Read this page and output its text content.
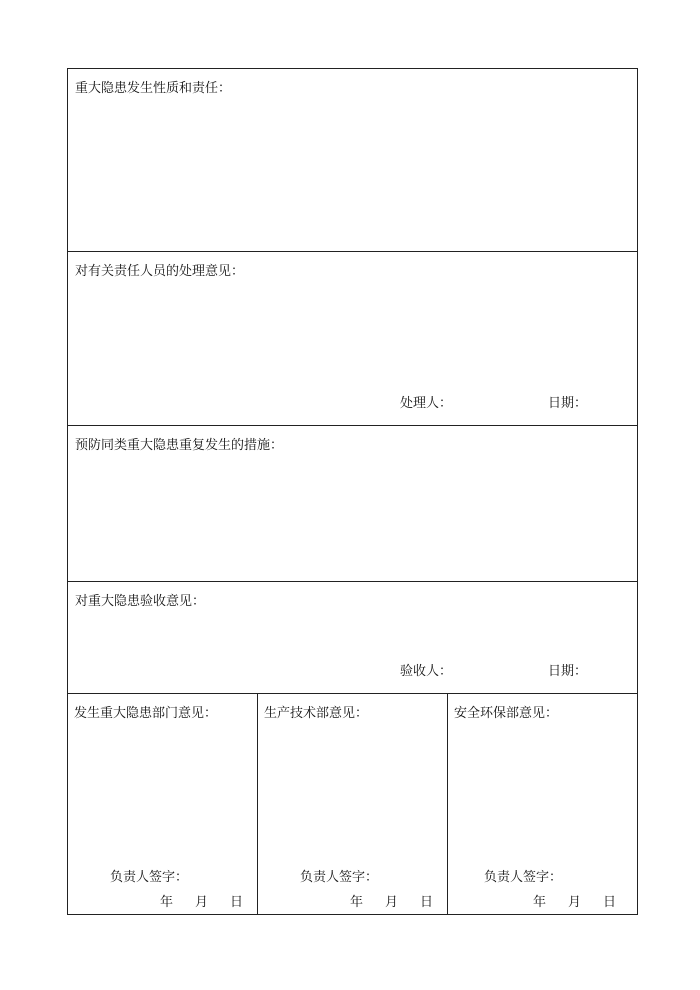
重大隐患发生性质和责任：
对有关责任人员的处理意见：
处理人：	日期：
预防同类重大隐患重复发生的措施：
对重大隐患验收意见：
验收人：	日期：
发生重大隐患部门意见：
负责人签字：
年 月 日
生产技术部意见：
负责人签字：
年 月 日
安全环保部意见：
负责人签字：
年 月 日
